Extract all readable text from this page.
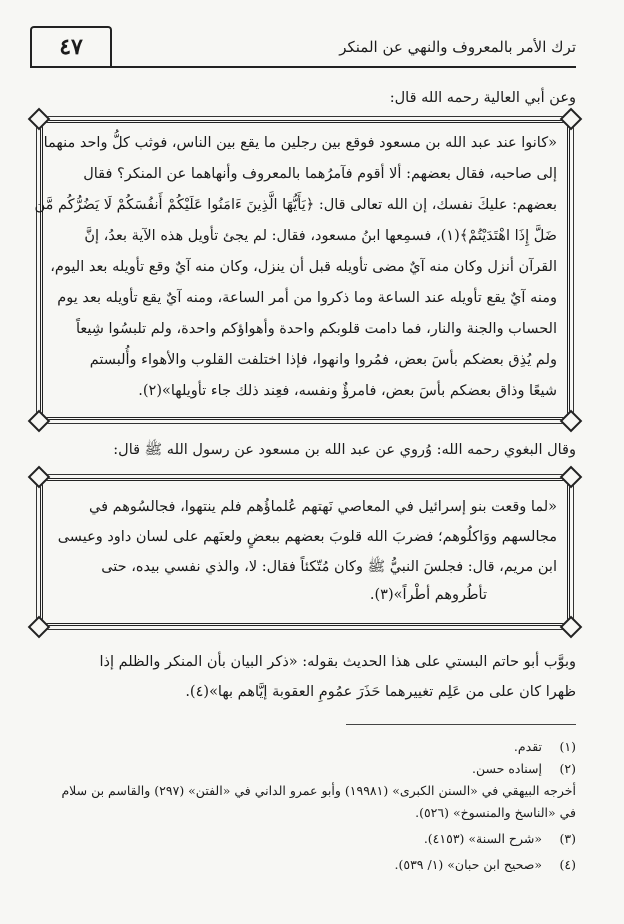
ترك الأمر بالمعروف والنهي عن المنكر
٤٧
وعن أبي العالية رحمه الله قال:
«كانوا عند عبد الله بن مسعود فوقع بين رجلين ما يقع بين الناس، فوثب كلُّ واحد منهما
إلى صاحبه، فقال بعضهم: ألا أقوم فآمرُهما بالمعروف وأنهاهما عن المنكر؟ فقال
بعضهم: عليكَ نفسك، إن الله تعالى قال: ﴿يَأَيُّهَا الَّذِينَ ءَامَنُوا عَلَيْكُمْ أَنفُسَكُمْ لَا يَضُرُّكُم مَّن
ضَلَّ إِذَا اهْتَدَيْتُمْ﴾(١)، فسمِعها ابنُ مسعود، فقال: لم يجئ تأويل هذه الآية بعدُ، إنَّ
القرآن أنزل وكان منه آيٌ مضى تأويله قبل أن ينزل، وكان منه آيٌ وقع تأويله بعد اليوم،
ومنه آيٌ يقع تأويله عند الساعة وما ذكروا من أمر الساعة، ومنه آيٌ يقع تأويله بعد يوم
الحساب والجنة والنار، فما دامت قلوبكم واحدة وأهواؤكم واحدة، ولم تلبسُوا شِيعاً
ولم يُذِق بعضكم بأسَ بعض، فمُروا وانهوا، فإذا اختلفت القلوب والأهواء وأُلبستم
شيعًا وذاق بعضكم بأسَ بعض، فامرؤٌ ونفسه، فعِند ذلك جاء تأويلها»(٢).
وقال البغوي رحمه الله: وُروي عن عبد الله بن مسعود عن رسول الله ﷺ قال:
«لما وقعت بنو إسرائيل في المعاصي نَهتهم عُلماؤُهم فلم ينتهوا، فجالسُوهم في
مجالسهم ووَاكلُوهم؛ فضربَ الله قلوبَ بعضهم ببعضٍ ولعنَهم على لسان داود وعيسى
ابن مريم، قال: فجلسَ النبيُّ ﷺ وكان مُتّكئاً فقال: لا، والذي نفسي بيده، حتى
تأطُروهم أطْراً»(٣).
وبوَّب أبو حاتم البستي على هذا الحديث بقوله: «ذكر البيان بأن المنكر والظلم إذا
ظهرا كان على من عَلِم تغييرهما حَذَرَ عمُومِ العقوبة إيَّاهم بها»(٤).
(١)تقدم.
(٢)إسناده حسن.
أخرجه البيهقي في «السنن الكبرى» (١٩٩٨١) وأبو عمرو الداني في «الفتن» (٢٩٧) والقاسم بن سلام
في «الناسخ والمنسوخ» (٥٢٦).
(٣)«شرح السنة» (٤١٥٣).
(٤)«صحيح ابن حبان» (١/ ٥٣٩).
